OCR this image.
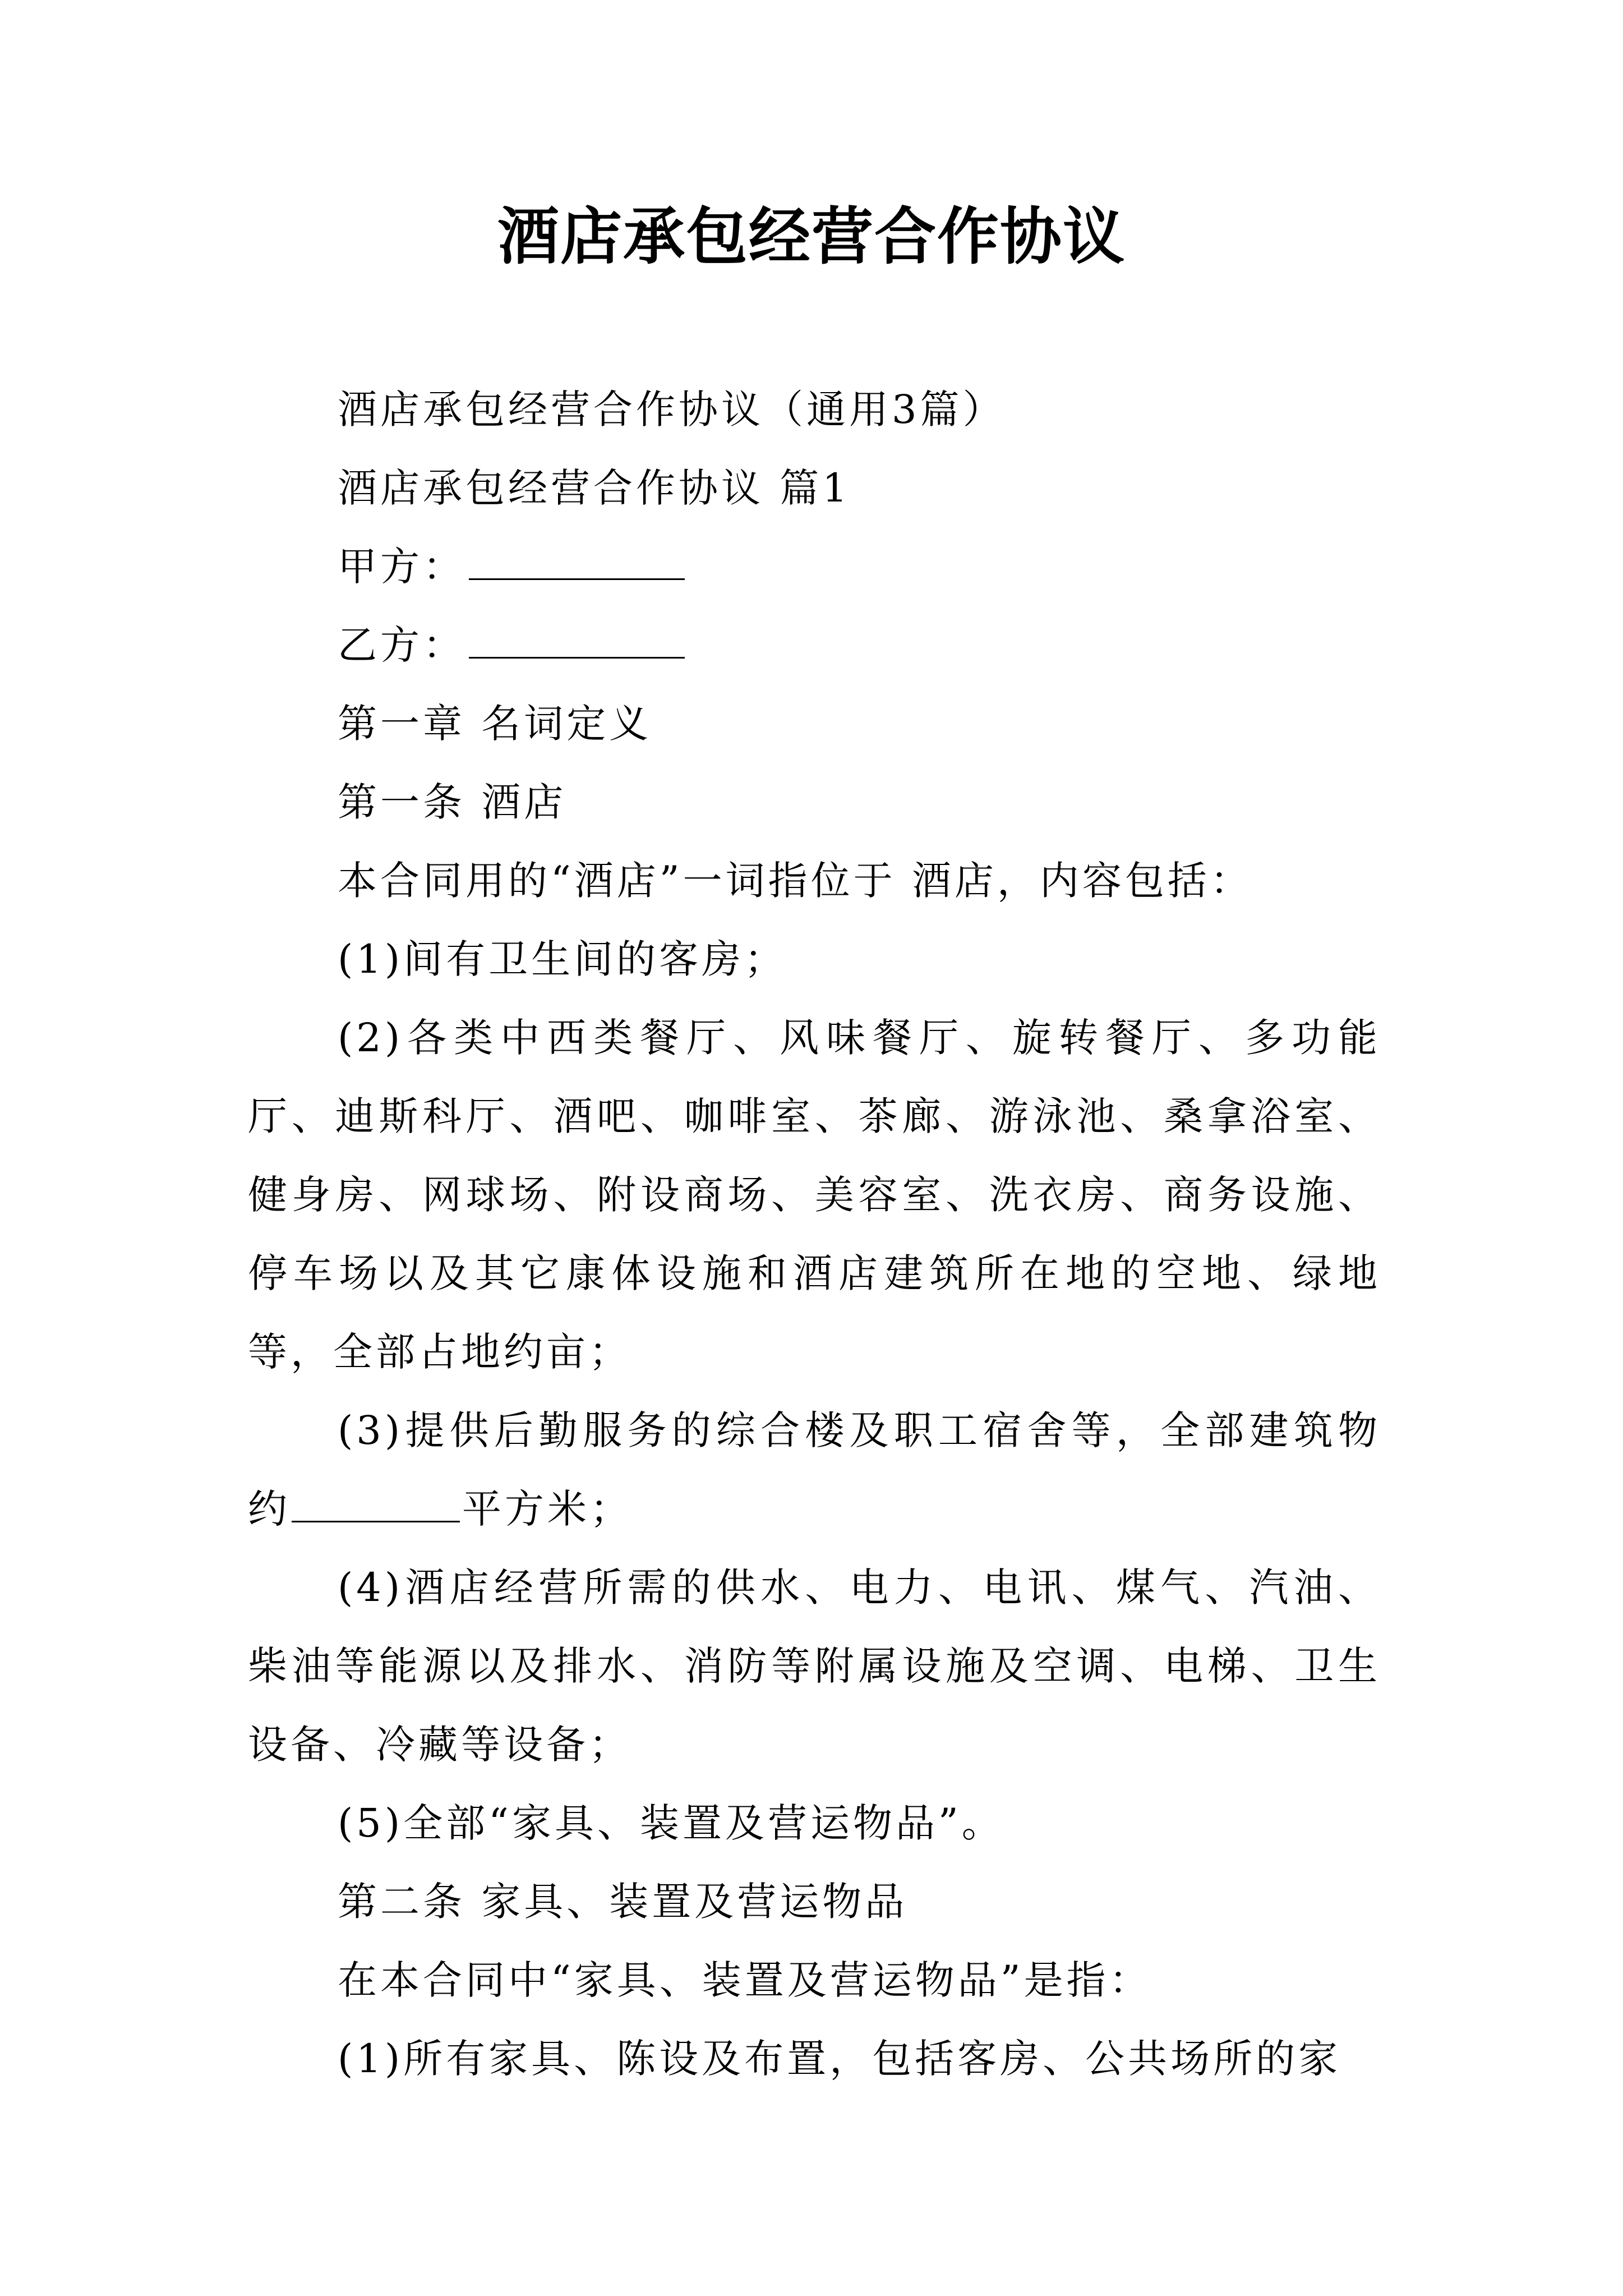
酒店承包经营合作协议

酒店承包经营合作协议（通用3篇）

酒店承包经营合作协议 篇1

甲方：

乙方：

第一章 名词定义

第一条 酒店

本合同用的“酒店”一词指位于 酒店，内容包括：

(1)间有卫生间的客房；

(2)各类中西类餐厅、风味餐厅、旋转餐厅、多功能厅、迪斯科厅、酒吧、咖啡室、茶廊、游泳池、桑拿浴室、健身房、网球场、附设商场、美容室、洗衣房、商务设施、停车场以及其它康体设施和酒店建筑所在地的空地、绿地等，全部占地约亩；

(3)提供后勤服务的综合楼及职工宿舍等，全部建筑物约	平方米；

(4)酒店经营所需的供水、电力、电讯、煤气、汽油、柴油等能源以及排水、消防等附属设施及空调、电梯、卫生设备、冷藏等设备；

(5)全部“家具、装置及营运物品”。

第二条 家具、装置及营运物品

在本合同中“家具、装置及营运物品”是指：

(1)所有家具、陈设及布置，包括客房、公共场所的家
